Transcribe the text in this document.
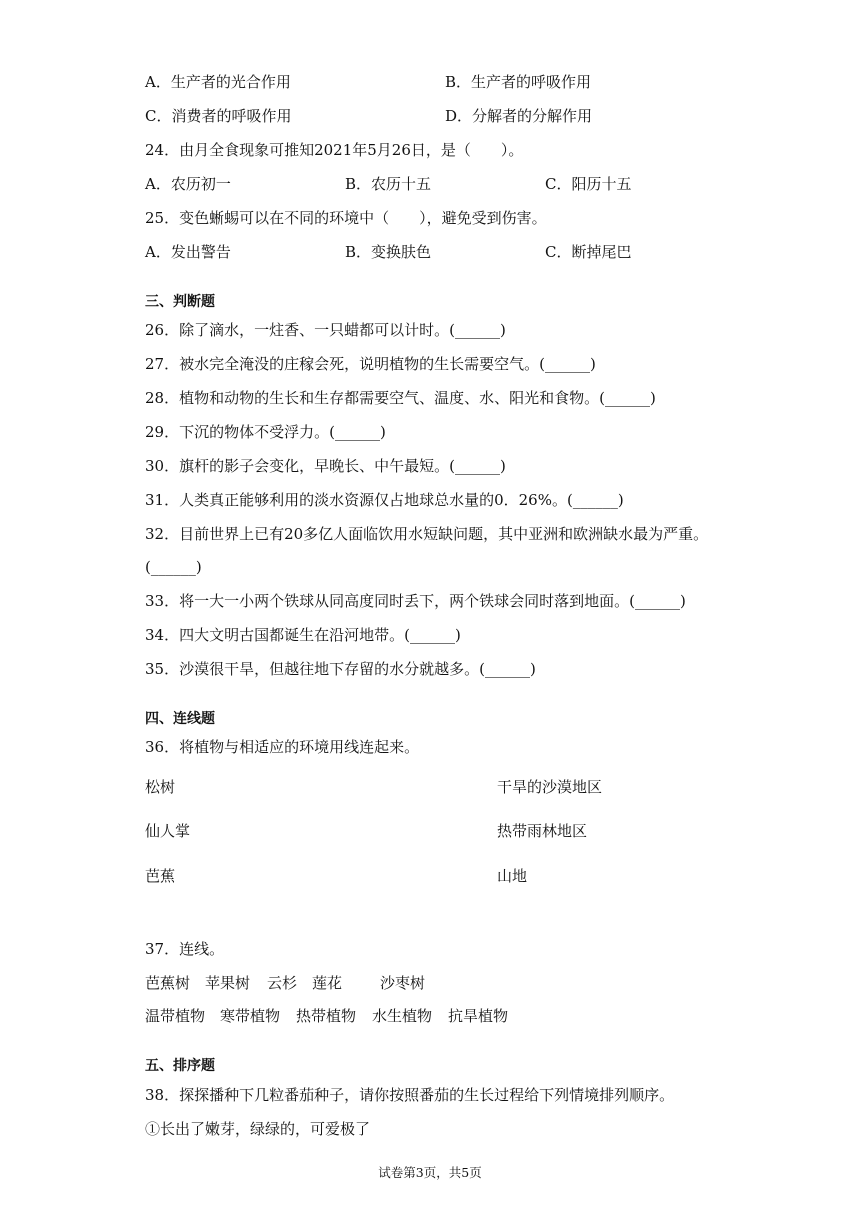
A．生产者的光合作用	B．生产者的呼吸作用
C．消费者的呼吸作用	D．分解者的分解作用
24．由月全食现象可推知2021年5月26日，是（　　）。
A．农历初一	B．农历十五	C．阳历十五
25．变色蜥蜴可以在不同的环境中（　　），避免受到伤害。
A．发出警告	B．变换肤色	C．断掉尾巴
三、判断题
26．除了滴水，一炷香、一只蜡都可以计时。(______)
27．被水完全淹没的庄稼会死，说明植物的生长需要空气。(______)
28．植物和动物的生长和生存都需要空气、温度、水、阳光和食物。(______)
29．下沉的物体不受浮力。(______)
30．旗杆的影子会变化，早晚长、中午最短。(______)
31．人类真正能够利用的淡水资源仅占地球总水量的0．26%。(______)
32．目前世界上已有20多亿人面临饮用水短缺问题，其中亚洲和欧洲缺水最为严重。
(______)
33．将一大一小两个铁球从同高度同时丢下，两个铁球会同时落到地面。(______)
34．四大文明古国都诞生在沿河地带。(______)
35．沙漠很干旱，但越往地下存留的水分就越多。(______)
四、连线题
36．将植物与相适应的环境用线连起来。
松树	干旱的沙漠地区
仙人掌	热带雨林地区
芭蕉	山地
37．连线。
芭蕉树 苹果树 云杉 莲花	沙枣树
温带植物 寒带植物 热带植物 水生植物 抗旱植物
五、排序题
38．探探播种下几粒番茄种子，请你按照番茄的生长过程给下列情境排列顺序。
①长出了嫩芽，绿绿的，可爱极了
试卷第3页，共5页
